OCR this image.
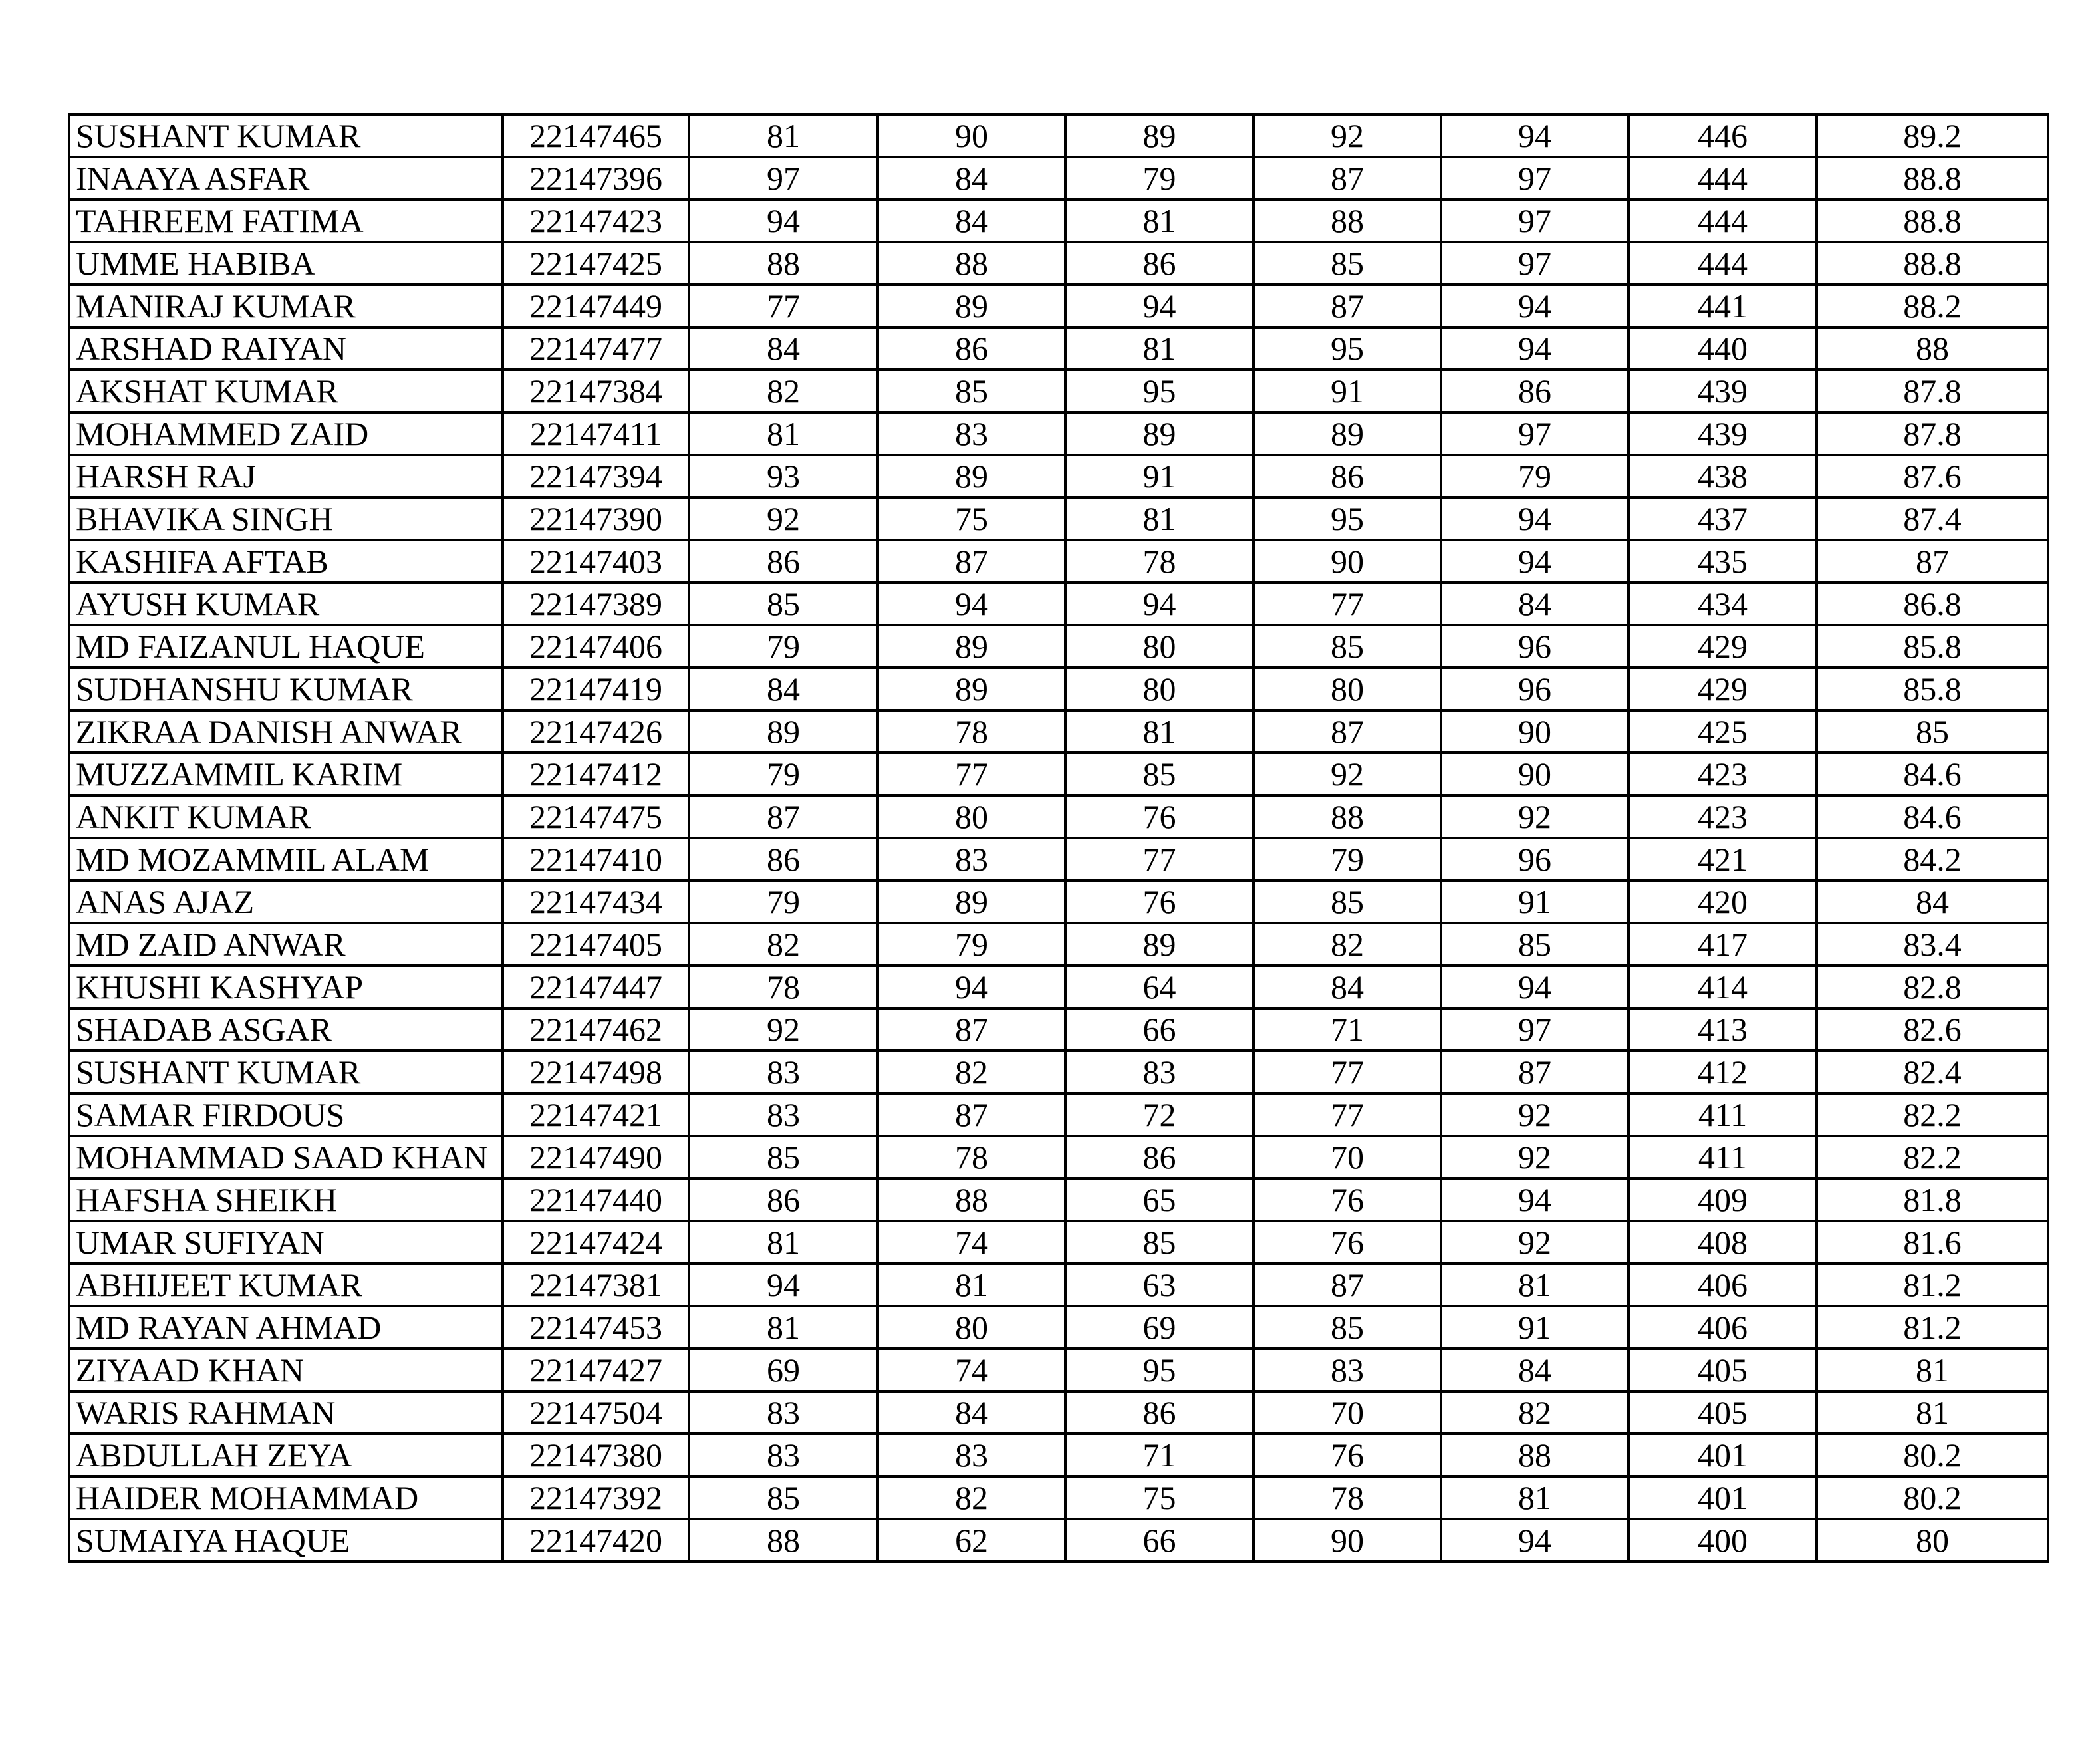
SUSHANT KUMAR	22147465	81	90	89	92	94	446	89.2
INAAYA ASFAR	22147396	97	84	79	87	97	444	88.8
TAHREEM FATIMA	22147423	94	84	81	88	97	444	88.8
UMME HABIBA	22147425	88	88	86	85	97	444	88.8
MANIRAJ KUMAR	22147449	77	89	94	87	94	441	88.2
ARSHAD RAIYAN	22147477	84	86	81	95	94	440	88
AKSHAT KUMAR	22147384	82	85	95	91	86	439	87.8
MOHAMMED ZAID	22147411	81	83	89	89	97	439	87.8
HARSH RAJ	22147394	93	89	91	86	79	438	87.6
BHAVIKA SINGH	22147390	92	75	81	95	94	437	87.4
KASHIFA AFTAB	22147403	86	87	78	90	94	435	87
AYUSH KUMAR	22147389	85	94	94	77	84	434	86.8
MD FAIZANUL HAQUE	22147406	79	89	80	85	96	429	85.8
SUDHANSHU KUMAR	22147419	84	89	80	80	96	429	85.8
ZIKRAA DANISH ANWAR	22147426	89	78	81	87	90	425	85
MUZZAMMIL KARIM	22147412	79	77	85	92	90	423	84.6
ANKIT KUMAR	22147475	87	80	76	88	92	423	84.6
MD MOZAMMIL ALAM	22147410	86	83	77	79	96	421	84.2
ANAS AJAZ	22147434	79	89	76	85	91	420	84
MD ZAID ANWAR	22147405	82	79	89	82	85	417	83.4
KHUSHI KASHYAP	22147447	78	94	64	84	94	414	82.8
SHADAB ASGAR	22147462	92	87	66	71	97	413	82.6
SUSHANT KUMAR	22147498	83	82	83	77	87	412	82.4
SAMAR FIRDOUS	22147421	83	87	72	77	92	411	82.2
MOHAMMAD SAAD KHAN	22147490	85	78	86	70	92	411	82.2
HAFSHA SHEIKH	22147440	86	88	65	76	94	409	81.8
UMAR SUFIYAN	22147424	81	74	85	76	92	408	81.6
ABHIJEET KUMAR	22147381	94	81	63	87	81	406	81.2
MD RAYAN AHMAD	22147453	81	80	69	85	91	406	81.2
ZIYAAD KHAN	22147427	69	74	95	83	84	405	81
WARIS RAHMAN	22147504	83	84	86	70	82	405	81
ABDULLAH ZEYA	22147380	83	83	71	76	88	401	80.2
HAIDER MOHAMMAD	22147392	85	82	75	78	81	401	80.2
SUMAIYA HAQUE	22147420	88	62	66	90	94	400	80
